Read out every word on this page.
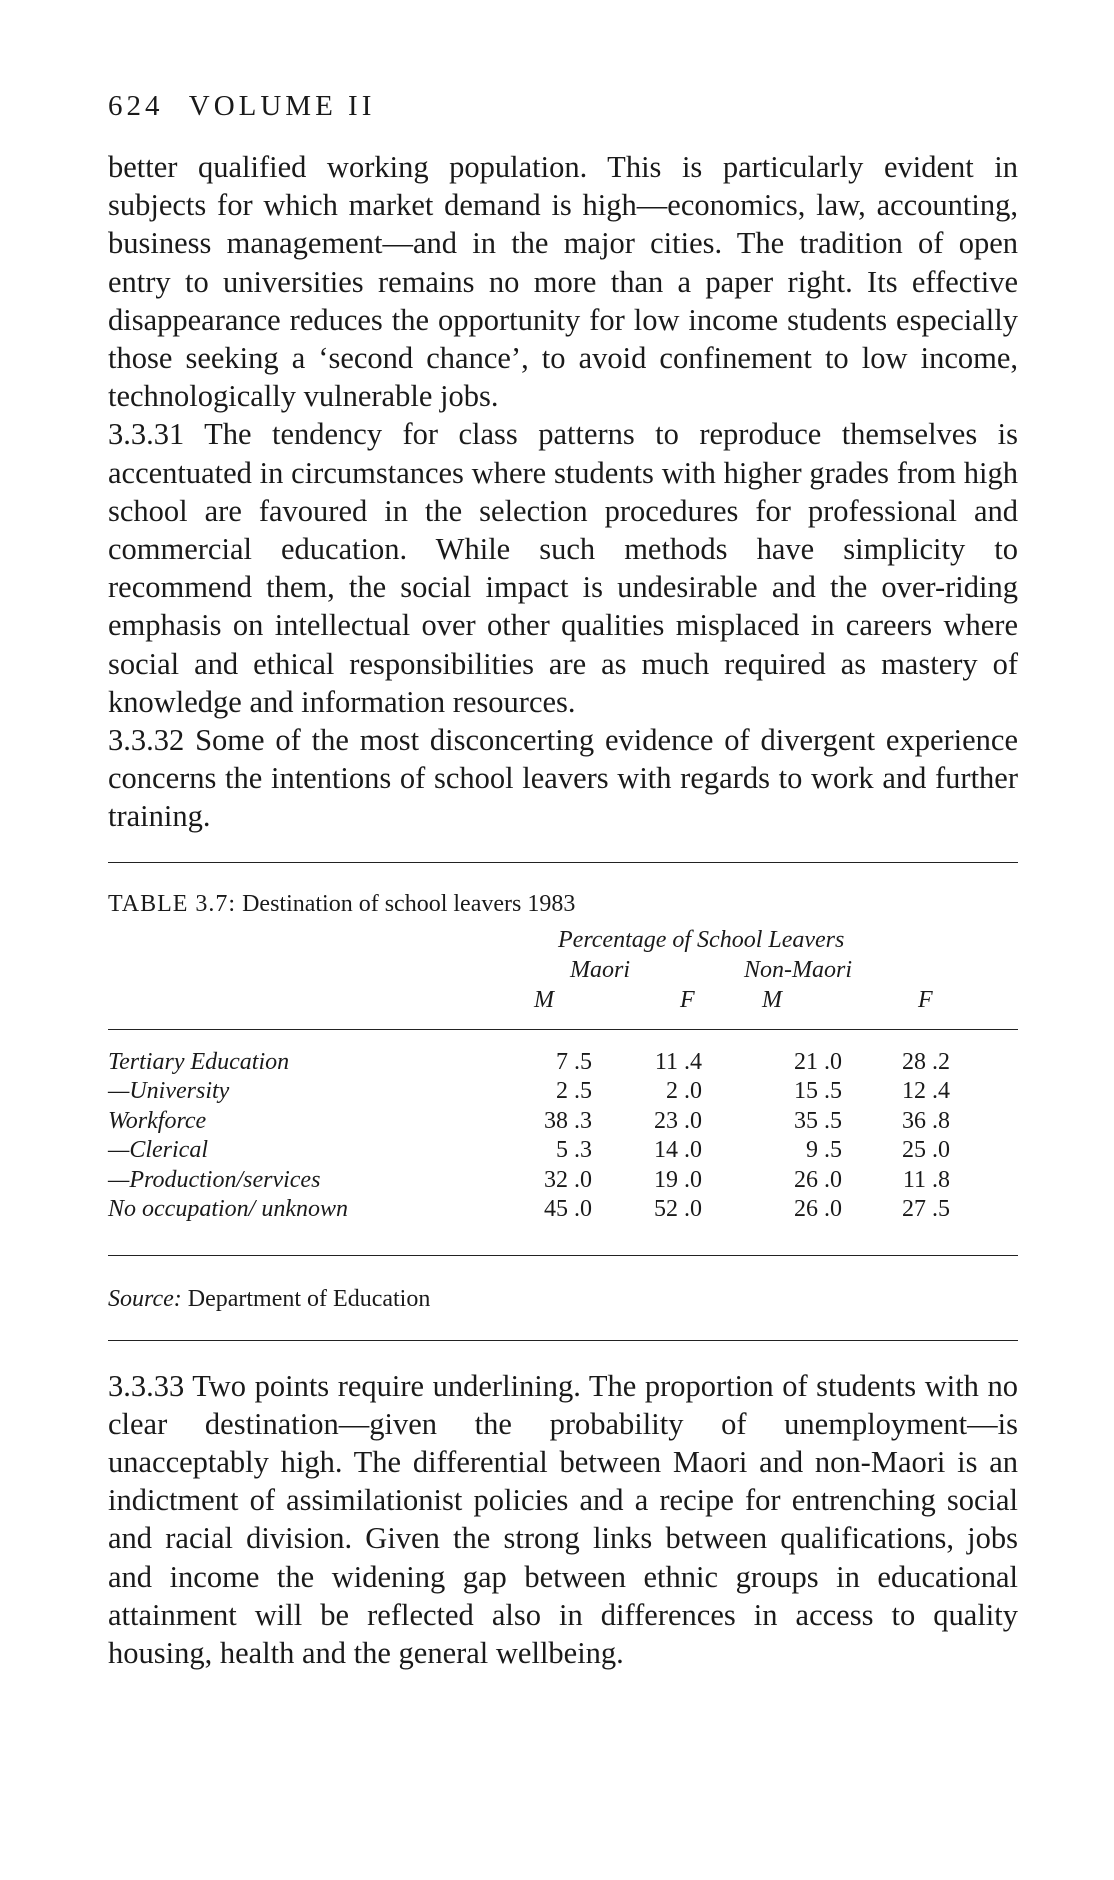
624 VOLUME II

better qualified working population. This is particularly evident in subjects for which market demand is high—economics, law, accounting, business management—and in the major cities. The tradition of open entry to universities remains no more than a paper right. Its effective disappearance reduces the opportunity for low income students especially those seeking a ‘second chance’, to avoid confinement to low income, technologically vulnerable jobs.

3.3.31 The tendency for class patterns to reproduce themselves is accentuated in circumstances where students with higher grades from high school are favoured in the selection procedures for professional and commercial education. While such methods have simplicity to recommend them, the social impact is undesirable and the over-riding emphasis on intellectual over other qualities misplaced in careers where social and ethical responsibilities are as much required as mastery of knowledge and information resources.

3.3.32 Some of the most disconcerting evidence of divergent experience concerns the intentions of school leavers with regards to work and further training.

TABLE 3.7: Destination of school leavers 1983
Percentage of School Leavers
Maori	Non-Maori
M	F	M	F
Tertiary Education	7 .5	11 .4	21 .0	28 .2	
—University	2 .5	2 .0	15 .5	12 .4	
Workforce	38 .3	23 .0	35 .5	36 .8	
—Clerical	5 .3	14 .0	9 .5	25 .0	
—Production/services	32 .0	19 .0	26 .0	11 .8	
No occupation/ unknown	45 .0	52 .0	26 .0	27 .5	
Source: Department of Education

3.3.33 Two points require underlining. The proportion of students with no clear destination—given the probability of unemployment—is unacceptably high. The differential between Maori and non-Maori is an indictment of assimilationist policies and a recipe for entrenching social and racial division. Given the strong links between qualifications, jobs and income the widening gap between ethnic groups in educational attainment will be reflected also in differences in access to quality housing, health and the general wellbeing.
